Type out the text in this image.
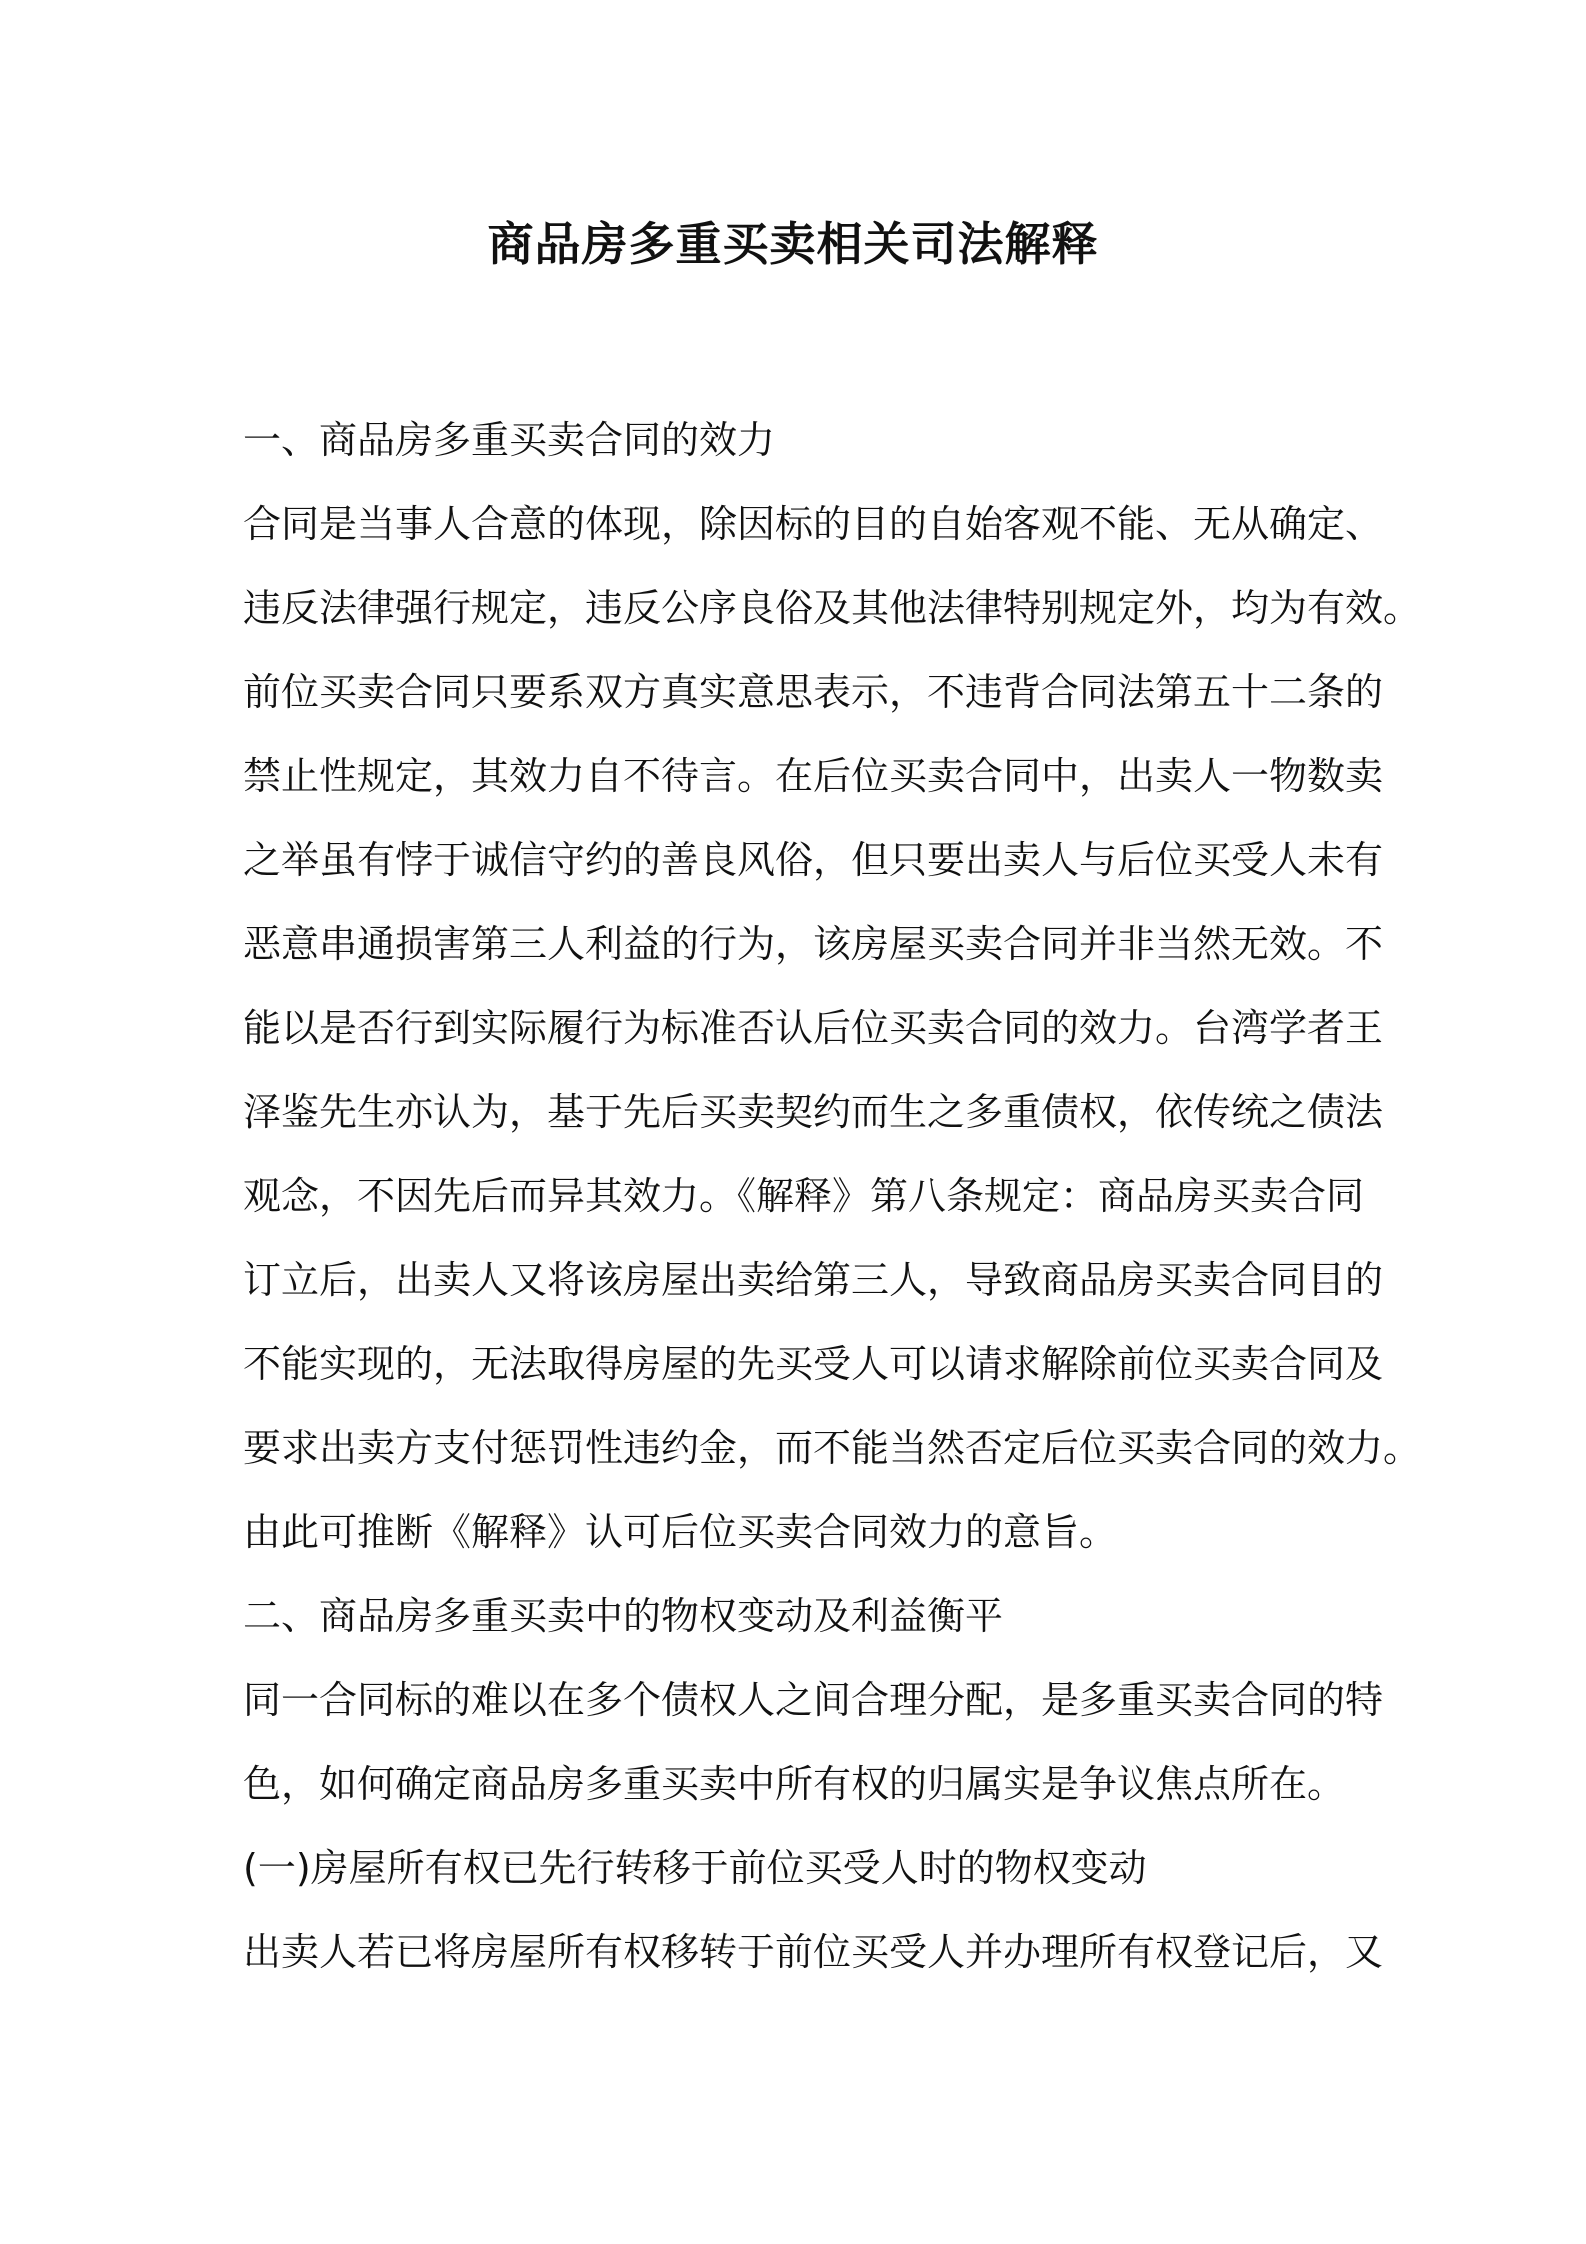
商品房多重买卖相关司法解释
一、商品房多重买卖合同的效力
合同是当事人合意的体现，除因标的目的自始客观不能、无从确定、
违反法律强行规定，违反公序良俗及其他法律特别规定外，均为有效。
前位买卖合同只要系双方真实意思表示，不违背合同法第五十二条的
禁止性规定，其效力自不待言。在后位买卖合同中，出卖人一物数卖
之举虽有悖于诚信守约的善良风俗，但只要出卖人与后位买受人未有
恶意串通损害第三人利益的行为，该房屋买卖合同并非当然无效。不
能以是否行到实际履行为标准否认后位买卖合同的效力。台湾学者王
泽鉴先生亦认为，基于先后买卖契约而生之多重债权，依传统之债法
观念，不因先后而异其效力。《解释》第八条规定：商品房买卖合同
订立后，出卖人又将该房屋出卖给第三人，导致商品房买卖合同目的
不能实现的，无法取得房屋的先买受人可以请求解除前位买卖合同及
要求出卖方支付惩罚性违约金，而不能当然否定后位买卖合同的效力。
由此可推断《解释》认可后位买卖合同效力的意旨。
二、商品房多重买卖中的物权变动及利益衡平
同一合同标的难以在多个债权人之间合理分配，是多重买卖合同的特
色，如何确定商品房多重买卖中所有权的归属实是争议焦点所在。
(一)房屋所有权已先行转移于前位买受人时的物权变动
出卖人若已将房屋所有权移转于前位买受人并办理所有权登记后，又
